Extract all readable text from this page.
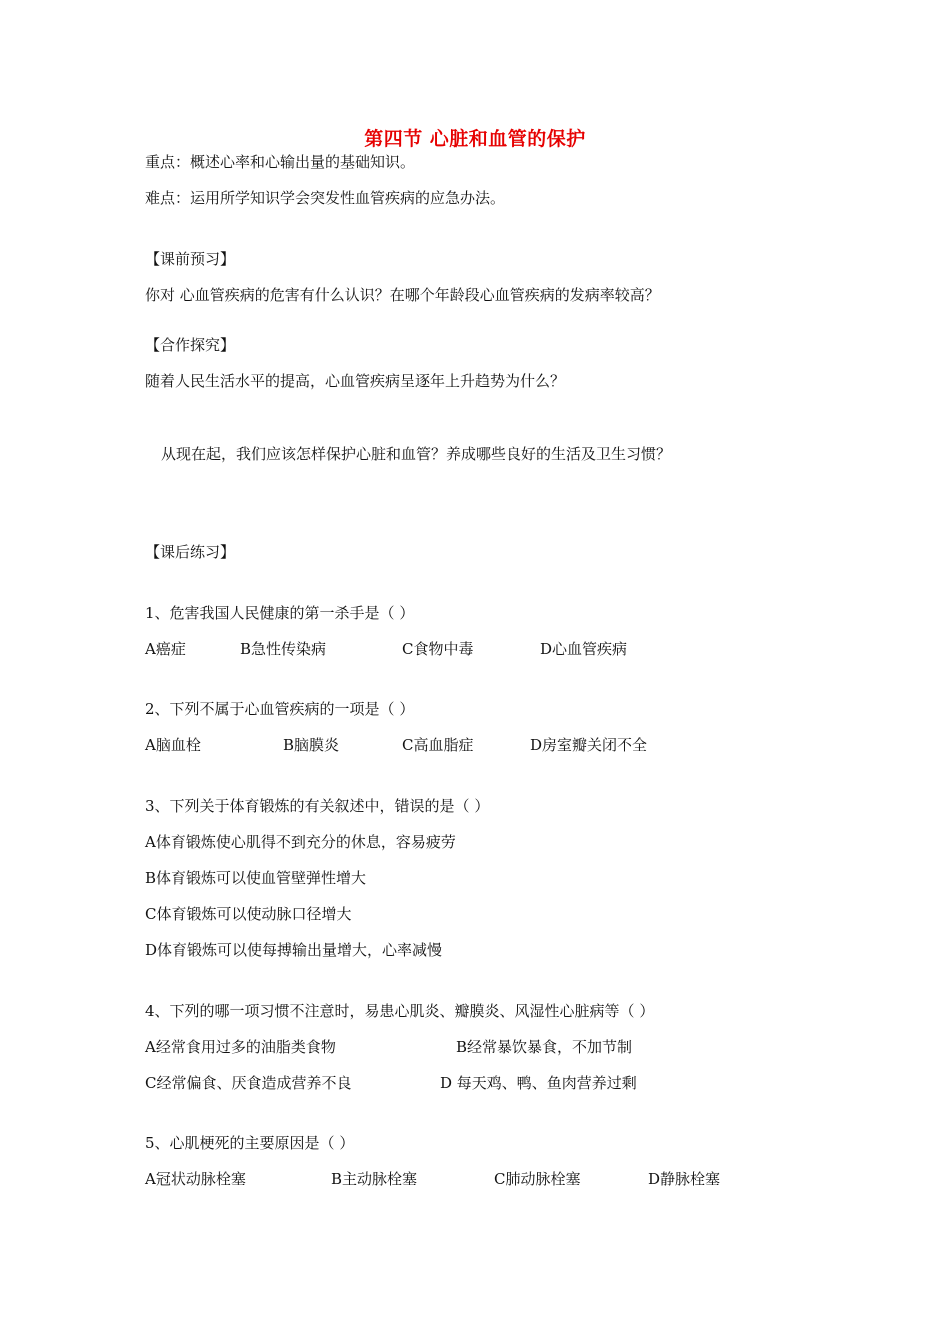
第四节 心脏和血管的保护
重点：概述心率和心输出量的基础知识。
难点：运用所学知识学会突发性血管疾病的应急办法。
【课前预习】
你对 心血管疾病的危害有什么认识？在哪个年龄段心血管疾病的发病率较高？
【合作探究】
随着人民生活水平的提高，心血管疾病呈逐年上升趋势为什么？
从现在起，我们应该怎样保护心脏和血管？养成哪些良好的生活及卫生习惯？
【课后练习】
1、危害我国人民健康的第一杀手是（ ）
A癌症	B急性传染病	C食物中毒	D心血管疾病
2、下列不属于心血管疾病的一项是（ ）
A脑血栓	B脑膜炎	C高血脂症	D房室瓣关闭不全
3、下列关于体育锻炼的有关叙述中，错误的是（ ）
A体育锻炼使心肌得不到充分的休息，容易疲劳
B体育锻炼可以使血管壁弹性增大
C体育锻炼可以使动脉口径增大
D体育锻炼可以使每搏输出量增大，心率减慢
4、下列的哪一项习惯不注意时，易患心肌炎、瓣膜炎、风湿性心脏病等（ ）
A经常食用过多的油脂类食物	B经常暴饮暴食，不加节制
C经常偏食、厌食造成营养不良	D 每天鸡、鸭、鱼肉营养过剩
5、心肌梗死的主要原因是（ ）
A冠状动脉栓塞	B主动脉栓塞	C肺动脉栓塞	D静脉栓塞
